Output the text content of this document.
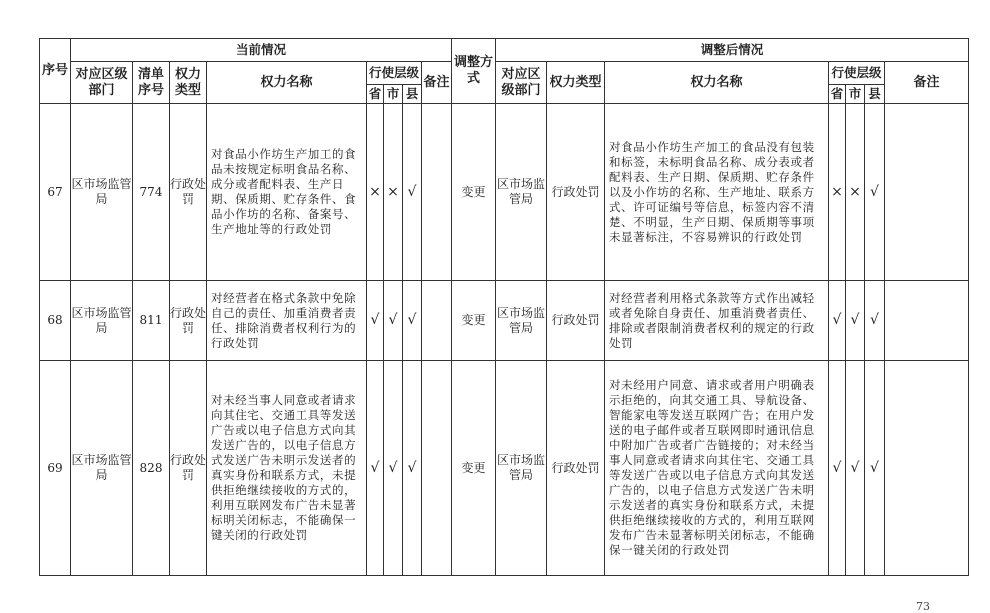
序号	当前情况								调整方式	调整后情况						
	对应区级部门	清单序号	权力类型	权力名称	行使层级			备注		对应区级部门	权力类型	权力名称	行使层级			备注
					省	市	县						省	市	县	
67	区市场监管局	774	行政处罚	对食品小作坊生产加工的食品未按规定标明食品名称、成分或者配料表、生产日期、保质期、贮存条件、食品小作坊的名称、备案号、生产地址等的行政处罚	×	×	√		变更	区市场监管局	行政处罚	对食品小作坊生产加工的食品没有包装和标签，未标明食品名称、成分表或者配料表、生产日期、保质期、贮存条件以及小作坊的名称、生产地址、联系方式、许可证编号等信息，标签内容不清楚、不明显，生产日期、保质期等事项未显著标注，不容易辨识的行政处罚	×	×	√	
68	区市场监管局	811	行政处罚	对经营者在格式条款中免除自己的责任、加重消费者责任、排除消费者权利行为的行政处罚	√	√	√		变更	区市场监管局	行政处罚	对经营者利用格式条款等方式作出减轻或者免除自身责任、加重消费者责任、排除或者限制消费者权利的规定的行政处罚	√	√	√	
69	区市场监管局	828	行政处罚	对未经当事人同意或者请求向其住宅、交通工具等发送广告或以电子信息方式向其发送广告的，以电子信息方式发送广告未明示发送者的真实身份和联系方式，未提供拒绝继续接收的方式的，利用互联网发布广告未显著标明关闭标志，不能确保一键关闭的行政处罚	√	√	√		变更	区市场监管局	行政处罚	对未经用户同意、请求或者用户明确表示拒绝的，向其交通工具、导航设备、智能家电等发送互联网广告；在用户发送的电子邮件或者互联网即时通讯信息中附加广告或者广告链接的；对未经当事人同意或者请求向其住宅、交通工具等发送广告或以电子信息方式向其发送广告的，以电子信息方式发送广告未明示发送者的真实身份和联系方式，未提供拒绝继续接收的方式的，利用互联网发布广告未显著标明关闭标志，不能确保一键关闭的行政处罚	√	√	√	
73
